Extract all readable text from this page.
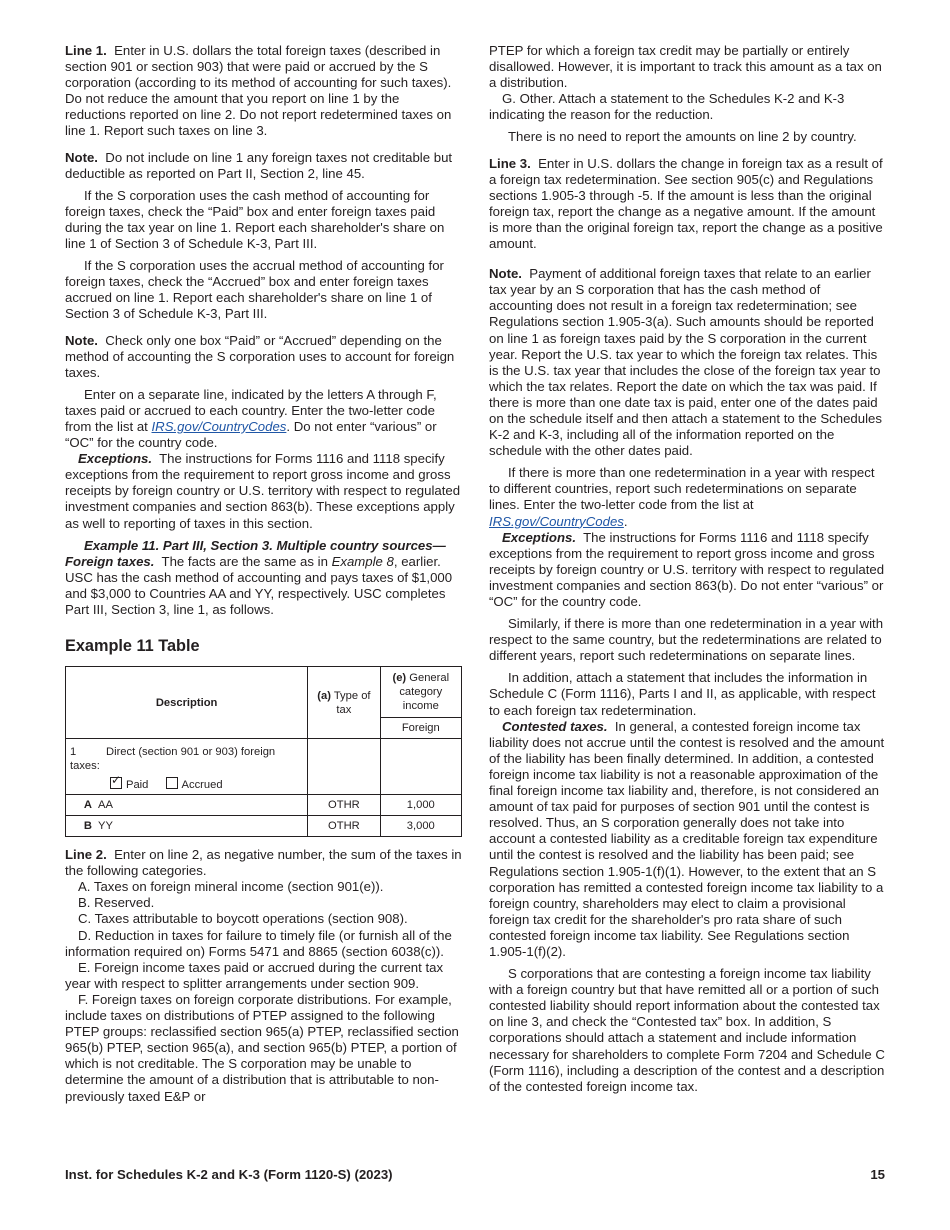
Line 1. Enter in U.S. dollars the total foreign taxes (described in section 901 or section 903) that were paid or accrued by the S corporation (according to its method of accounting for such taxes). Do not reduce the amount that you report on line 1 by the reductions reported on line 2. Do not report redetermined taxes on line 1. Report such taxes on line 3.

Note. Do not include on line 1 any foreign taxes not creditable but deductible as reported on Part II, Section 2, line 45.

If the S corporation uses the cash method of accounting for foreign taxes, check the “Paid” box and enter foreign taxes paid during the tax year on line 1. Report each shareholder's share on line 1 of Section 3 of Schedule K-3, Part III.

If the S corporation uses the accrual method of accounting for foreign taxes, check the “Accrued” box and enter foreign taxes accrued on line 1. Report each shareholder's share on line 1 of Section 3 of Schedule K-3, Part III.

Note. Check only one box “Paid” or “Accrued” depending on the method of accounting the S corporation uses to account for foreign taxes.

Enter on a separate line, indicated by the letters A through F, taxes paid or accrued to each country. Enter the two-letter code from the list at IRS.gov/CountryCodes. Do not enter “various” or “OC” for the country code.

Exceptions. The instructions for Forms 1116 and 1118 specify exceptions from the requirement to report gross income and gross receipts by foreign country or U.S. territory with respect to regulated investment companies and section 863(b). These exceptions apply as well to reporting of taxes in this section.

Example 11. Part III, Section 3. Multiple country sources—Foreign taxes. The facts are the same as in Example 8, earlier. USC has the cash method of accounting and pays taxes of $1,000 and $3,000 to Countries AA and YY, respectively. USC completes Part III, Section 3, line 1, as follows.

Example 11 Table

Description	(a) Type of tax	(e) General category income
		Foreign

1 Direct (section 901 or 903) foreign taxes:
✓ Paid Accrued		

A AA	OTHR	1,000
B YY	OTHR	3,000

Line 2. Enter on line 2, as negative number, the sum of the taxes in the following categories.

A. Taxes on foreign mineral income (section 901(e)).

B. Reserved.

C. Taxes attributable to boycott operations (section 908).

D. Reduction in taxes for failure to timely file (or furnish all of the information required on) Forms 5471 and 8865 (section 6038(c)).

E. Foreign income taxes paid or accrued during the current tax year with respect to splitter arrangements under section 909.

F. Foreign taxes on foreign corporate distributions. For example, include taxes on distributions of PTEP assigned to the following PTEP groups: reclassified section 965(a) PTEP, reclassified section 965(b) PTEP, section 965(a), and section 965(b) PTEP, a portion of which is not creditable. The S corporation may be unable to determine the amount of a distribution that is attributable to non-previously taxed E&P or

PTEP for which a foreign tax credit may be partially or entirely disallowed. However, it is important to track this amount as a tax on a distribution.

G. Other. Attach a statement to the Schedules K-2 and K-3 indicating the reason for the reduction.

There is no need to report the amounts on line 2 by country.

Line 3. Enter in U.S. dollars the change in foreign tax as a result of a foreign tax redetermination. See section 905(c) and Regulations sections 1.905-3 through -5. If the amount is less than the original foreign tax, report the change as a negative amount. If the amount is more than the original foreign tax, report the change as a positive amount.

Note. Payment of additional foreign taxes that relate to an earlier tax year by an S corporation that has the cash method of accounting does not result in a foreign tax redetermination; see Regulations section 1.905-3(a). Such amounts should be reported on line 1 as foreign taxes paid by the S corporation in the current year. Report the U.S. tax year to which the foreign tax relates. This is the U.S. tax year that includes the close of the foreign tax year to which the tax relates. Report the date on which the tax was paid. If there is more than one date tax is paid, enter one of the dates paid on the schedule itself and then attach a statement to the Schedules K-2 and K-3, including all of the information reported on the schedule with the other dates paid.

If there is more than one redetermination in a year with respect to different countries, report such redeterminations on separate lines. Enter the two-letter code from the list at IRS.gov/CountryCodes.

Exceptions. The instructions for Forms 1116 and 1118 specify exceptions from the requirement to report gross income and gross receipts by foreign country or U.S. territory with respect to regulated investment companies and section 863(b). Do not enter “various” or “OC” for the country code.

Similarly, if there is more than one redetermination in a year with respect to the same country, but the redeterminations are related to different years, report such redeterminations on separate lines.

In addition, attach a statement that includes the information in Schedule C (Form 1116), Parts I and II, as applicable, with respect to each foreign tax redetermination.

Contested taxes. In general, a contested foreign income tax liability does not accrue until the contest is resolved and the amount of the liability has been finally determined. In addition, a contested foreign income tax liability is not a reasonable approximation of the final foreign income tax liability and, therefore, is not considered an amount of tax paid for purposes of section 901 until the contest is resolved. Thus, an S corporation generally does not take into account a contested liability as a creditable foreign tax expenditure until the contest is resolved and the liability has been paid; see Regulations section 1.905-1(f)(1). However, to the extent that an S corporation has remitted a contested foreign income tax liability to a foreign country, shareholders may elect to claim a provisional foreign tax credit for the shareholder's pro rata share of such contested foreign income tax liability. See Regulations section 1.905-1(f)(2).

S corporations that are contesting a foreign income tax liability with a foreign country but that have remitted all or a portion of such contested liability should report information about the contested tax on line 3, and check the “Contested tax” box. In addition, S corporations should attach a statement and include information necessary for shareholders to complete Form 7204 and Schedule C (Form 1116), including a description of the contest and a description of the contested foreign income tax.

Inst. for Schedules K-2 and K-3 (Form 1120-S) (2023)	15
